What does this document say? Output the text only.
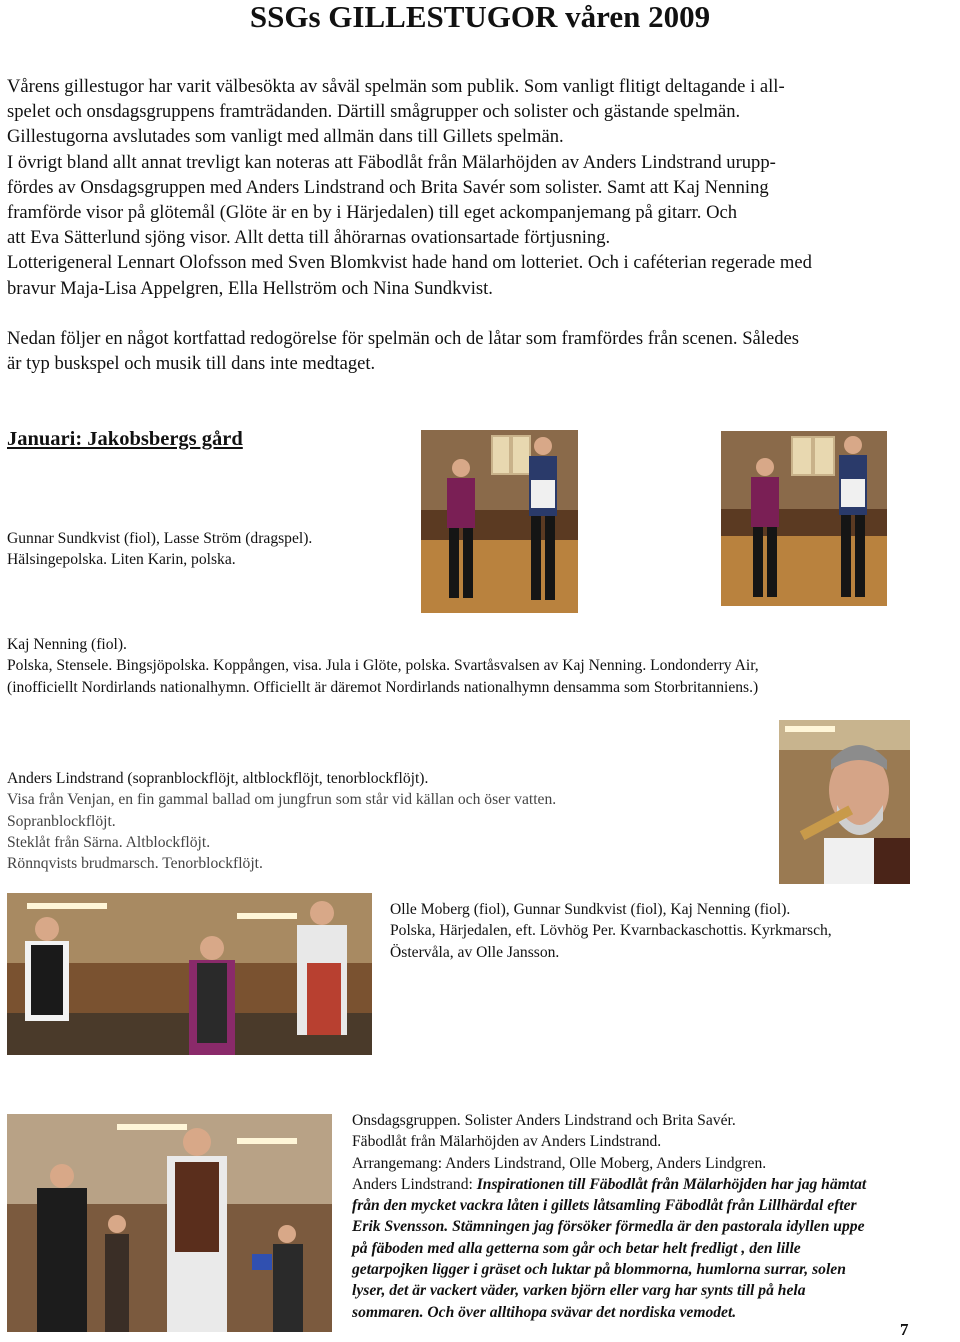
SSGs GILLESTUGOR våren 2009
Vårens gillestugor har varit välbesökta av såväl spelmän som publik. Som vanligt flitigt deltagande i all-
spelet och onsdagsgruppens framträdanden. Därtill smågrupper och solister och gästande spelmän.
Gillestugorna avslutades som vanligt med allmän dans till Gillets spelmän.
I övrigt bland allt annat trevligt kan noteras att Fäbodlåt från Mälarhöjden av Anders Lindstrand urupp-
fördes av Onsdagsgruppen med Anders Lindstrand och Brita Savér som solister. Samt att Kaj Nenning
framförde visor på glötemål (Glöte är en by i Härjedalen) till eget ackompanjemang på gitarr. Och
att Eva Sätterlund sjöng visor. Allt detta till åhörarnas ovationsartade förtjusning.
Lotterigeneral Lennart Olofsson med Sven Blomkvist hade hand om lotteriet. Och i caféterian regerade med
bravur Maja-Lisa Appelgren, Ella Hellström och Nina Sundkvist.
Nedan följer en något kortfattad redogörelse för spelmän och de låtar som framfördes från scenen. Således
är typ buskspel och musik till dans inte medtaget.
Januari: Jakobsbergs gård
Gunnar Sundkvist (fiol), Lasse Ström (dragspel).
Hälsingepolska. Liten Karin, polska.
Kaj Nenning (fiol).
Polska, Stensele. Bingsjöpolska. Koppången, visa. Jula i Glöte, polska. Svartåsvalsen av Kaj Nenning. Londonderry Air,
(inofficiellt Nordirlands nationalhymn. Officiellt är däremot Nordirlands nationalhymn densamma som Storbritanniens.)
Anders Lindstrand (sopranblockflöjt, altblockflöjt, tenorblockflöjt).
Visa från Venjan, en fin gammal ballad om jungfrun som står vid källan och öser vatten.
Sopranblockflöjt.
Steklåt från Särna. Altblockflöjt.
Rönnqvists brudmarsch. Tenorblockflöjt.
Olle Moberg (fiol), Gunnar Sundkvist (fiol), Kaj Nenning (fiol).
Polska, Härjedalen, eft. Lövhög Per. Kvarnbackaschottis. Kyrkmarsch,
Östervåla, av Olle Jansson.
Onsdagsgruppen. Solister Anders Lindstrand och Brita Savér.
Fäbodlåt från Mälarhöjden av Anders Lindstrand.
Arrangemang: Anders Lindstrand, Olle Moberg, Anders Lindgren.
Anders Lindstrand: Inspirationen till Fäbodlåt från Mälarhöjden har jag hämtat
från den mycket vackra låten i gillets låtsamling Fäbodlåt från Lillhärdal efter
Erik Svensson. Stämningen jag försöker förmedla är den pastorala idyllen uppe
på fäboden med alla getterna som går och betar helt fredligt , den lille
getarpojken ligger i gräset och luktar på blommorna, humlorna surrar, solen
lyser, det är vackert väder, varken björn eller varg har synts till på hela
sommaren. Och över alltihopa svävar det nordiska vemodet.
7
